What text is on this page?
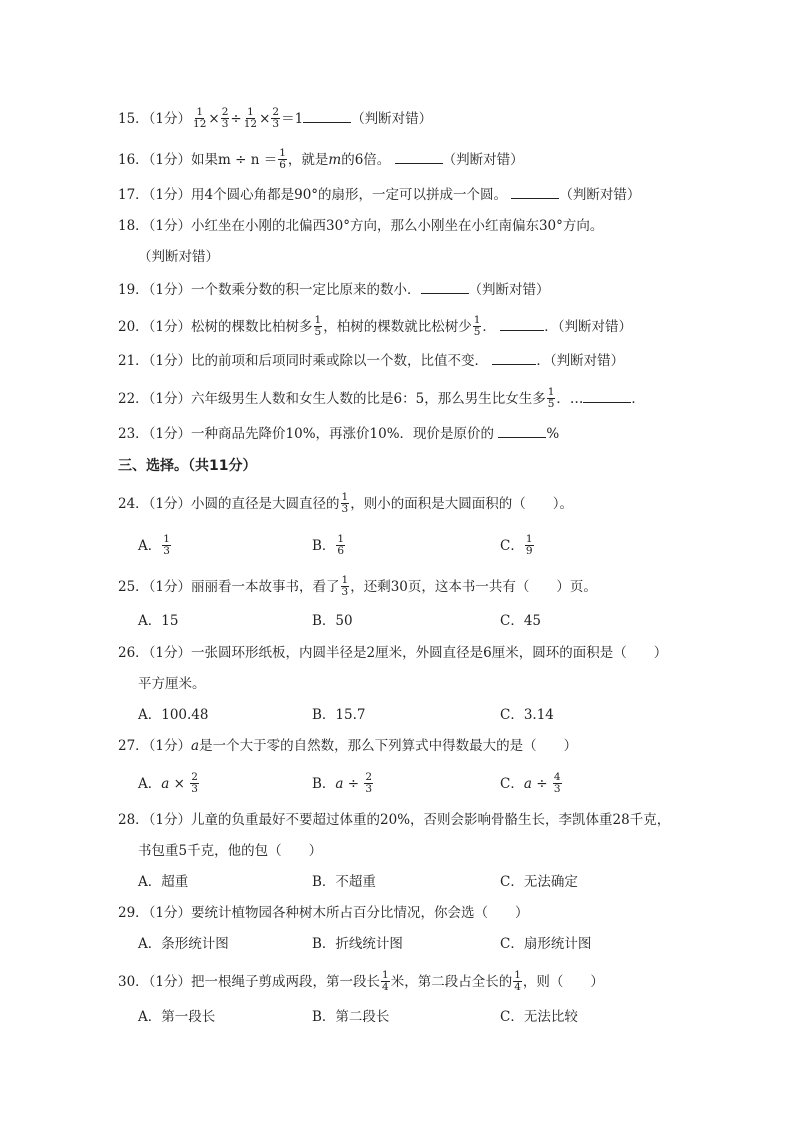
15．（1分） $\frac{1}{12} \times \frac{2}{3} \div \frac{1}{12} \times \frac{2}{3} =1$	（判断对错）
16．（1分）如果$m \div n = \frac{1}{6}$ ，就是m的6倍。	（判断对错）
17．（1分）用4个圆心角都是90°的扇形，一定可以拼成一个圆。	（判断对错）
18．（1分）小红坐在小刚的北偏西30°方向，那么小刚坐在小红南偏东30°方向。
（判断对错）
19．（1分）一个数乘分数的积一定比原来的数小．	（判断对错）
20．（1分）松树的棵数比柏树多 $\frac{1}{5}$ ，柏树的棵数就比松树少 $\frac{1}{5}$ ．	．（判断对错）
21．（1分）比的前项和后项同时乘或除以一个数，比值不变．	．（判断对错）
22．（1分）六年级男生人数和女生人数的比是6：5，那么男生比女生多 $\frac{1}{5}$ ．…	．
23．（1分）一种商品先降价10%，再涨价10%．现价是原价的	%
三、选择。（共11分）
24．（1分）小圆的直径是大圆直径的 $\frac{1}{3}$ ，则小的面积是大圆面积的（　　）。
A． $\frac{1}{3}$	B． $\frac{1}{6}$	C． $\frac{1}{9}$
25．（1分）丽丽看一本故事书，看了 $\frac{1}{3}$ ，还剩30页，这本书一共有（　　）页。
A．15	B．50	C．45
26．（1分）一张圆环形纸板，内圆半径是2厘米，外圆直径是6厘米，圆环的面积是（　　）
平方厘米。
A．100.48	B．15.7	C．3.14
27．（1分）a是一个大于零的自然数，那么下列算式中得数最大的是（　　）
A．$a \times \frac{2}{3}$	B．$a \div \frac{2}{3}$	C．$a \div \frac{4}{3}$
28．（1分）儿童的负重最好不要超过体重的20%，否则会影响骨骼生长，李凯体重28千克，
书包重5千克，他的包（　　）
A．超重	B．不超重	C．无法确定
29．（1分）要统计植物园各种树木所占百分比情况，你会选（　　）
A．条形统计图	B．折线统计图	C．扇形统计图
30．（1分）把一根绳子剪成两段，第一段长 $\frac{1}{4}$ 米，第二段占全长的 $\frac{1}{4}$ ，则（　　）
A．第一段长	B．第二段长	C．无法比较
